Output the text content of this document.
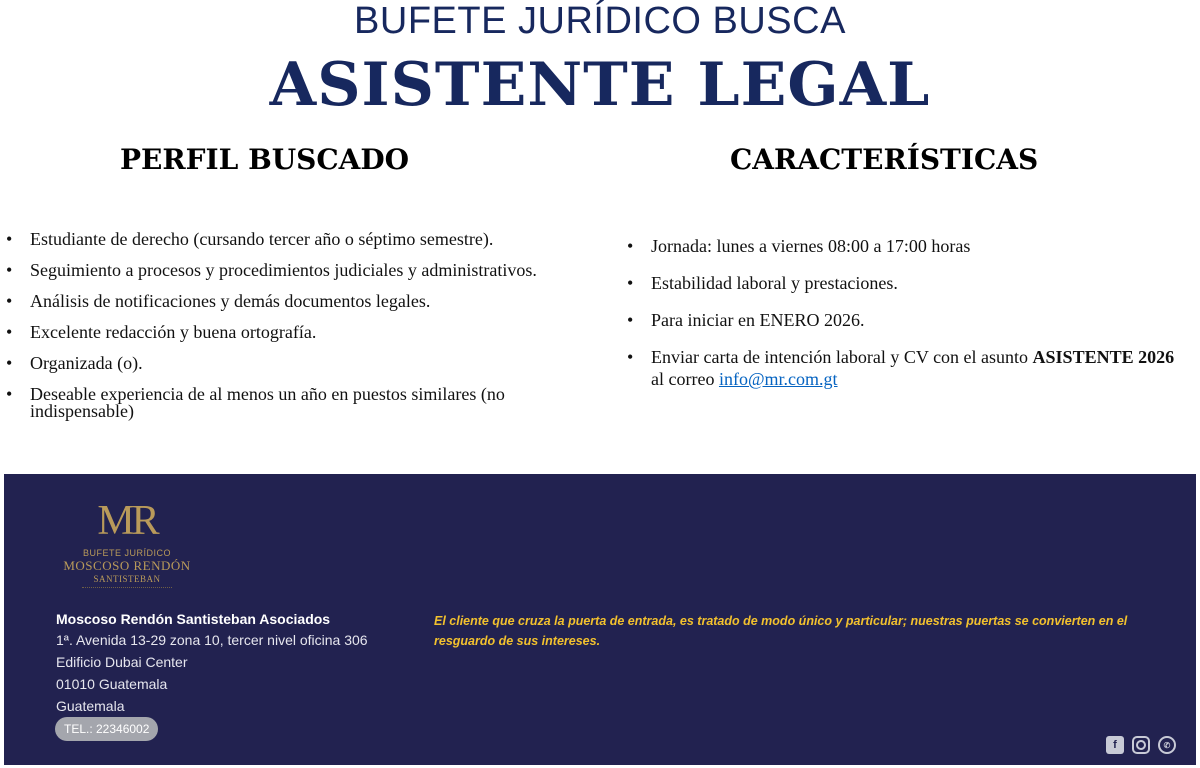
BUFETE JURÍDICO BUSCA
ASISTENTE LEGAL
PERFIL BUSCADO	CARACTERÍSTICAS
• Estudiante de derecho (cursando tercer año o séptimo semestre).
• Seguimiento a procesos y procedimientos judiciales y administrativos.
• Análisis de notificaciones y demás documentos legales.
• Excelente redacción y buena ortografía.
• Organizada (o).
• Deseable experiencia de al menos un año en puestos similares (no indispensable)
• Jornada: lunes a viernes 08:00 a 17:00 horas
• Estabilidad laboral y prestaciones.
• Para iniciar en ENERO 2026.
• Enviar carta de intención laboral y CV con el asunto ASISTENTE 2026 al correo info@mr.com.gt
MR
BUFETE JURÍDICO
MOSCOSO RENDÓN
SANTISTEBAN
Moscoso Rendón Santisteban Asociados
1ª. Avenida 13-29 zona 10, tercer nivel oficina 306
Edificio Dubai Center
01010 Guatemala
Guatemala
TEL.: 22346002
El cliente que cruza la puerta de entrada, es tratado de modo único y particular; nuestras puertas se convierten en el resguardo de sus intereses.
f	✆
